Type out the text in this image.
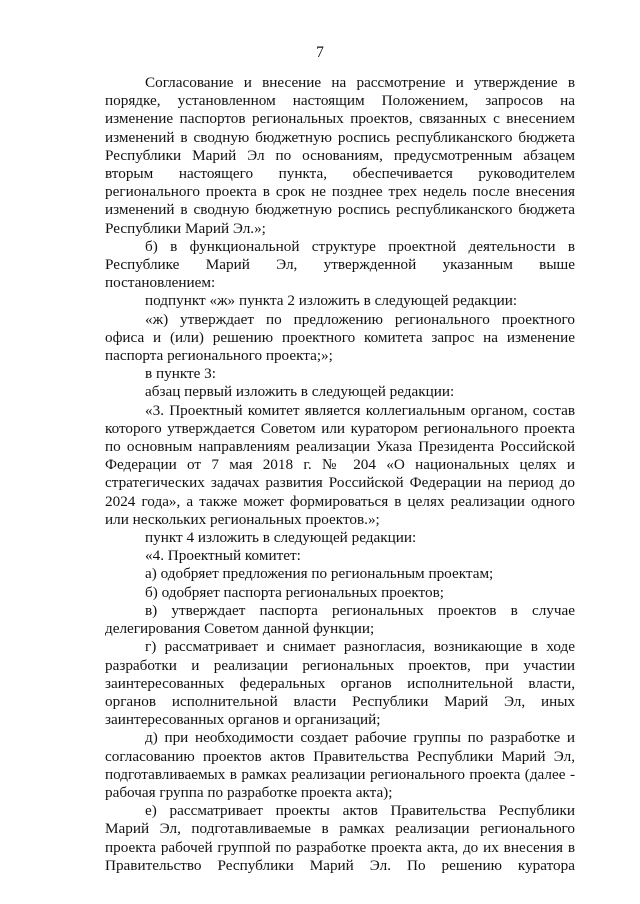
7

Согласование и внесение на рассмотрение и утверждение в порядке, установленном настоящим Положением, запросов на изменение паспортов региональных проектов, связанных с внесением изменений в сводную бюджетную роспись республиканского бюджета Республики Марий Эл по основаниям, предусмотренным абзацем вторым настоящего пункта, обеспечивается руководителем регионального проекта в срок не позднее трех недель после внесения изменений в сводную бюджетную роспись республиканского бюджета Республики Марий Эл.»;

б) в функциональной структуре проектной деятельности в Республике Марий Эл, утвержденной указанным выше постановлением:

подпункт «ж» пункта 2 изложить в следующей редакции:

«ж) утверждает по предложению регионального проектного офиса и (или) решению проектного комитета запрос на изменение паспорта регионального проекта;»;

в пункте 3:

абзац первый изложить в следующей редакции:

«3. Проектный комитет является коллегиальным органом, состав которого утверждается Советом или куратором регионального проекта по основным направлениям реализации Указа Президента Российской Федерации от 7 мая 2018 г. № 204 «О национальных целях и стратегических задачах развития Российской Федерации на период до 2024 года», а также может формироваться в целях реализации одного или нескольких региональных проектов.»;

пункт 4 изложить в следующей редакции:

«4. Проектный комитет:

а) одобряет предложения по региональным проектам;

б) одобряет паспорта региональных проектов;

в) утверждает паспорта региональных проектов в случае делегирования Советом данной функции;

г) рассматривает и снимает разногласия, возникающие в ходе разработки и реализации региональных проектов, при участии заинтересованных федеральных органов исполнительной власти, органов исполнительной власти Республики Марий Эл, иных заинтересованных органов и организаций;

д) при необходимости создает рабочие группы по разработке и согласованию проектов актов Правительства Республики Марий Эл, подготавливаемых в рамках реализации регионального проекта (далее - рабочая группа по разработке проекта акта);

е) рассматривает проекты актов Правительства Республики Марий Эл, подготавливаемые в рамках реализации регионального проекта рабочей группой по разработке проекта акта, до их внесения в Правительство Республики Марий Эл. По решению куратора
